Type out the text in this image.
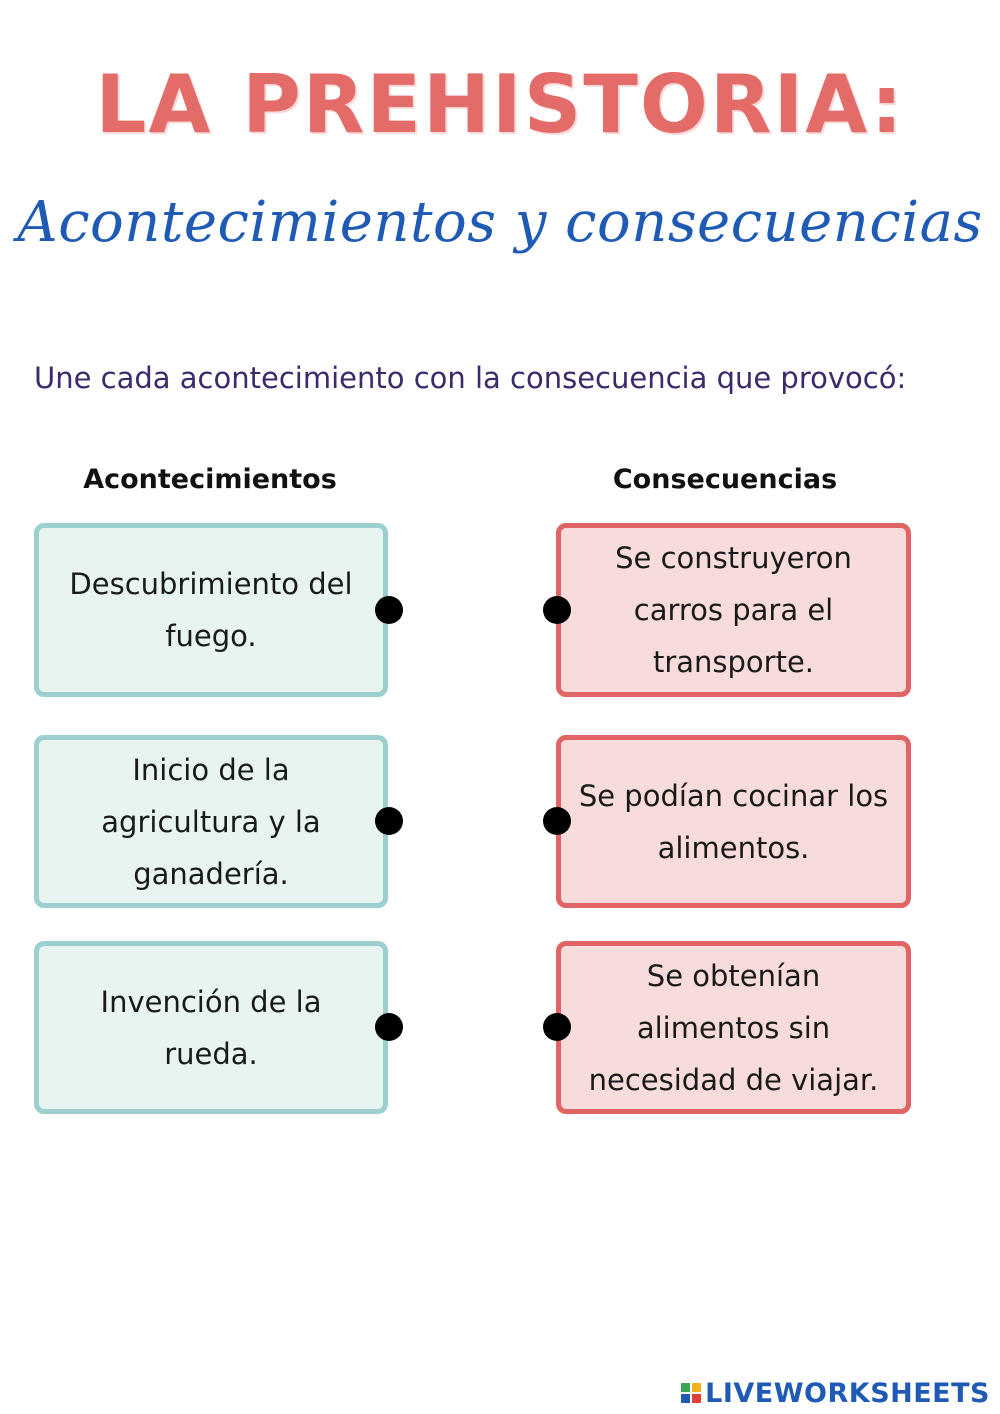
LA PREHISTORIA:
Acontecimientos y consecuencias
Une cada acontecimiento con la consecuencia que provocó:
Acontecimientos	Consecuencias
Descubrimiento del fuego.
Inicio de la agricultura y la ganadería.
Invención de la rueda.
Se construyeron carros para el transporte.
Se podían cocinar los alimentos.
Se obtenían alimentos sin necesidad de viajar.
LIVEWORKSHEETS
